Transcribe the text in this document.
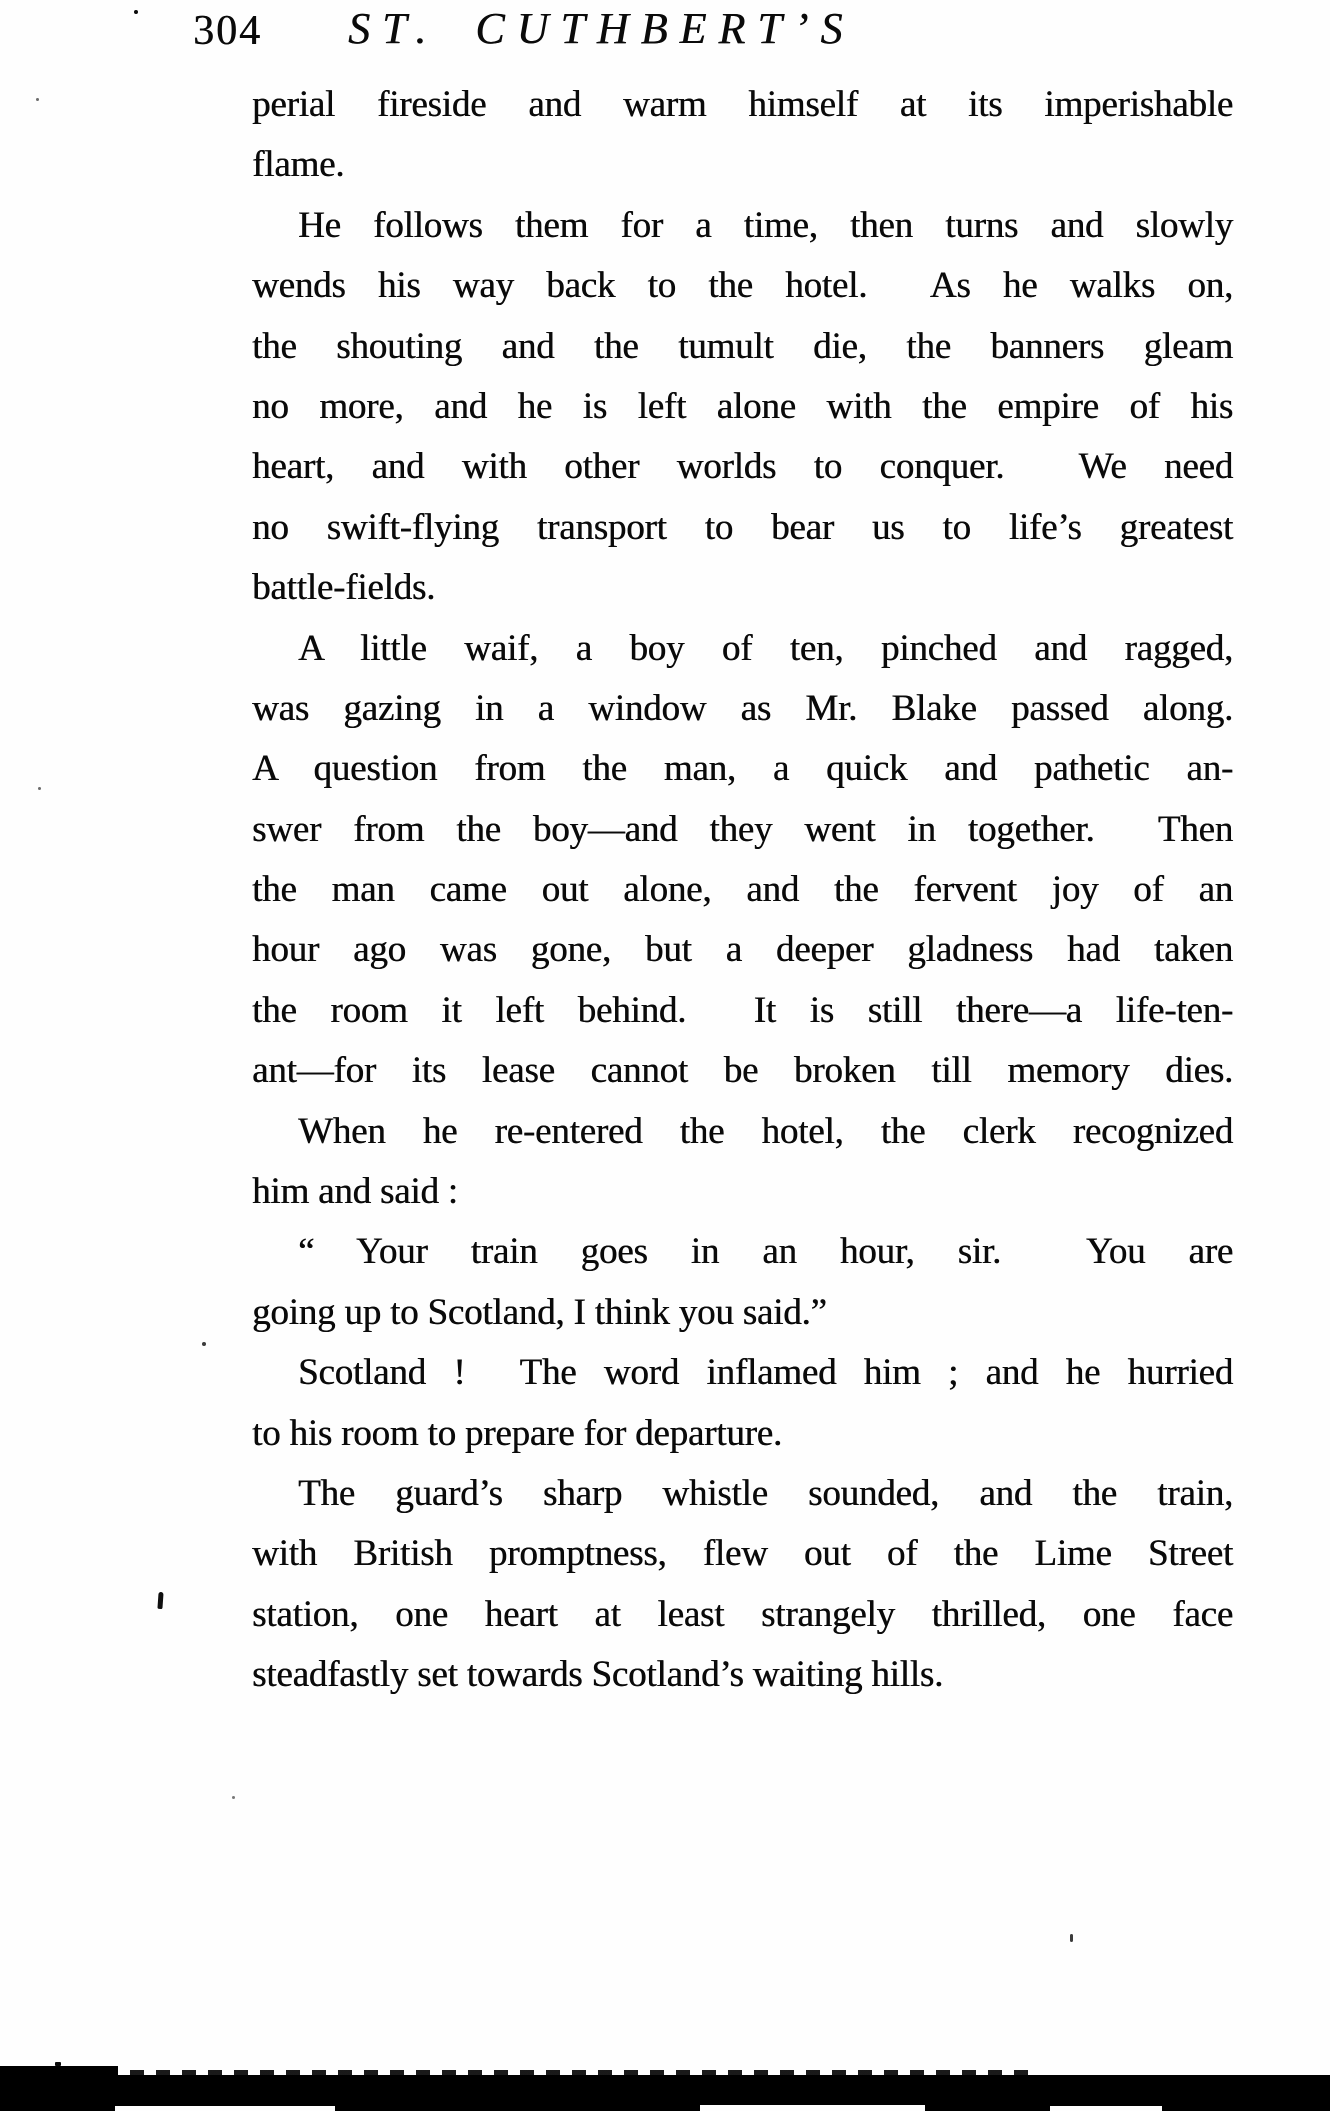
304 ST. CUTHBERT’S
perial fireside and warm himself at its imperishable
flame.
He follows them for a time, then turns and slowly
wends his way back to the hotel.  As he walks on,
the shouting and the tumult die, the banners gleam
no more, and he is left alone with the empire of his
heart, and with other worlds to conquer.  We need
no swift-flying transport to bear us to life’s greatest
battle-fields.
A little waif, a boy of ten, pinched and ragged,
was gazing in a window as Mr. Blake passed along.
A question from the man, a quick and pathetic an-
swer from the boy—and they went in together.  Then
the man came out alone, and the fervent joy of an
hour ago was gone, but a deeper gladness had taken
the room it left behind.  It is still there—a life-ten-
ant—for its lease cannot be broken till memory dies.
When he re-entered the hotel, the clerk recognized
him and said :
“ Your train goes in an hour, sir.  You are
going up to Scotland, I think you said.”
Scotland !  The word inflamed him ; and he hurried
to his room to prepare for departure.
The guard’s sharp whistle sounded, and the train,
with British promptness, flew out of the Lime Street
station, one heart at least strangely thrilled, one face
steadfastly set towards Scotland’s waiting hills.
